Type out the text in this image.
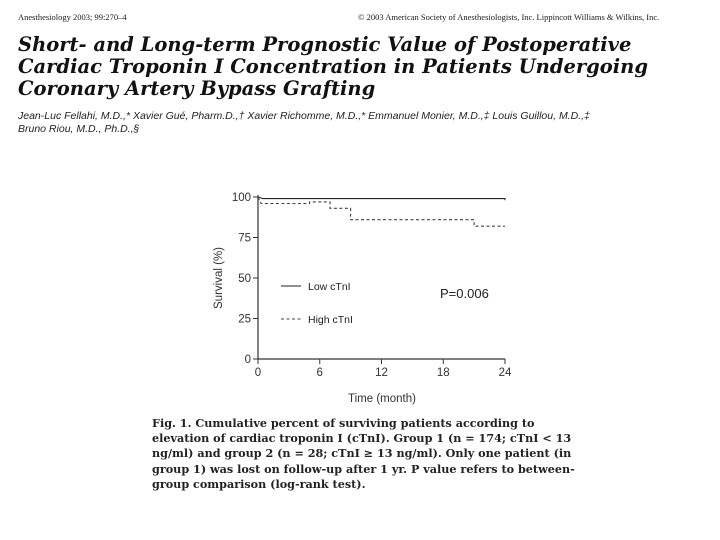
Anesthesiology 2003; 99:270–4	© 2003 American Society of Anesthesiologists, Inc. Lippincott Williams & Wilkins, Inc.
Short- and Long-term Prognostic Value of Postoperative
Cardiac Troponin I Concentration in Patients Undergoing
Coronary Artery Bypass Grafting
Jean-Luc Fellahi, M.D.,* Xavier Gué, Pharm.D.,† Xavier Richomme, M.D.,* Emmanuel Monier, M.D.,‡ Louis Guillou, M.D.,‡
Bruno Riou, M.D., Ph.D.,§
0
25
50
75
100
0	6	12	18	24
Low cTnI
High cTnI
Survival (%)
Time (month)
P=0.006

Fig. 1. Cumulative percent of surviving patients according to elevation of cardiac troponin I (cTnI). Group 1 (n = 174; cTnI < 13 ng/ml) and group 2 (n = 28; cTnI ≥ 13 ng/ml). Only one patient (in group 1) was lost on follow-up after 1 yr. P value refers to between-group comparison (log-rank test).
